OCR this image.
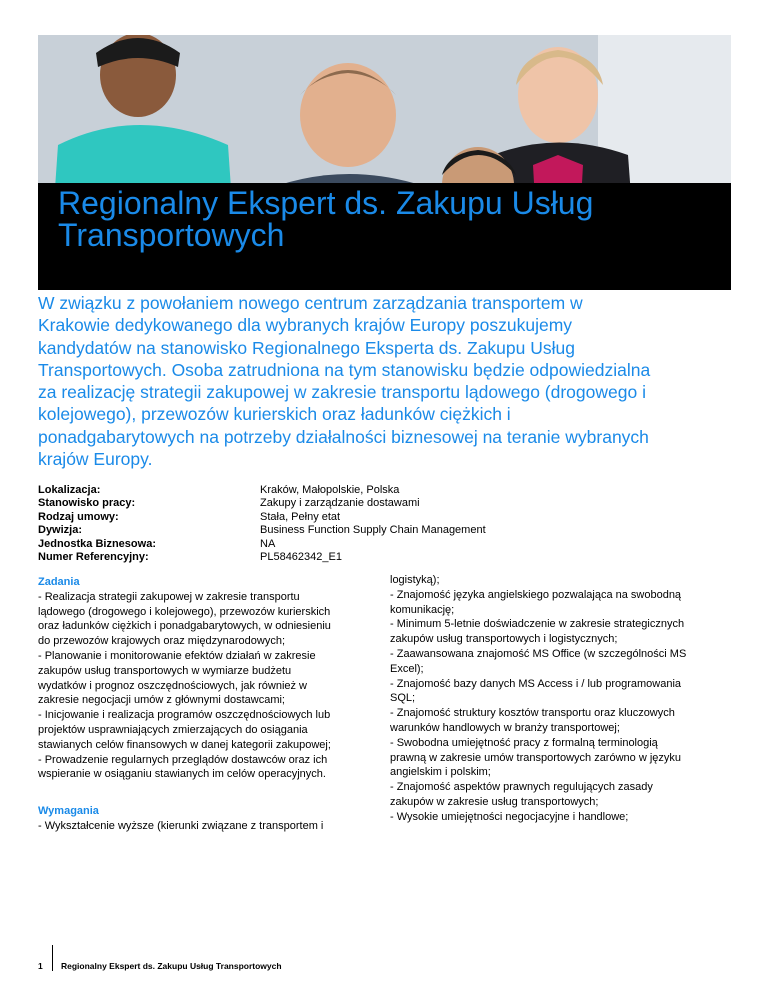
Regionalny Ekspert ds. Zakupu Usług
Transportowych
W związku z powołaniem nowego centrum zarządzania transportem w
Krakowie dedykowanego dla wybranych krajów Europy poszukujemy
kandydatów na stanowisko Regionalnego Eksperta ds. Zakupu Usług
Transportowych. Osoba zatrudniona na tym stanowisku będzie odpowiedzialna
za realizację strategii zakupowej w zakresie transportu lądowego (drogowego i
kolejowego), przewozów kurierskich oraz ładunków ciężkich i
ponadgabarytowych na potrzeby działalności biznesowej na teranie wybranych
krajów Europy.
Lokalizacja:	Kraków, Małopolskie, Polska
Stanowisko pracy:	Zakupy i zarządzanie dostawami
Rodzaj umowy:	Stała, Pełny etat
Dywizja:	Business Function Supply Chain Management
Jednostka Biznesowa:	NA
Numer Referencyjny:	PL58462342_E1
Zadania
- Realizacja strategii zakupowej w zakresie transportu
lądowego (drogowego i kolejowego), przewozów kurierskich
oraz ładunków ciężkich i ponadgabarytowych, w odniesieniu
do przewozów krajowych oraz międzynarodowych;
- Planowanie i monitorowanie efektów działań w zakresie
zakupów usług transportowych w wymiarze budżetu
wydatków i prognoz oszczędnościowych, jak również w
zakresie negocjacji umów z głównymi dostawcami;
- Inicjowanie i realizacja programów oszczędnościowych lub
projektów usprawniających zmierzających do osiągania
stawianych celów finansowych w danej kategorii zakupowej;
- Prowadzenie regularnych przeglądów dostawców oraz ich
wspieranie w osiąganiu stawianych im celów operacyjnych.
Wymagania
- Wykształcenie wyższe (kierunki związane z transportem i
logistyką);
- Znajomość języka angielskiego pozwalająca na swobodną
komunikację;
- Minimum 5-letnie doświadczenie w zakresie strategicznych
zakupów usług transportowych i logistycznych;
- Zaawansowana znajomość MS Office (w szczególności MS
Excel);
- Znajomość bazy danych MS Access i / lub programowania
SQL;
- Znajomość struktury kosztów transportu oraz kluczowych
warunków handlowych w branży transportowej;
- Swobodna umiejętność pracy z formalną terminologią
prawną w zakresie umów transportowych zarówno w języku
angielskim i polskim;
- Znajomość aspektów prawnych regulujących zasady
zakupów w zakresie usług transportowych;
- Wysokie umiejętności negocjacyjne i handlowe;
1	Regionalny Ekspert ds. Zakupu Usług Transportowych
